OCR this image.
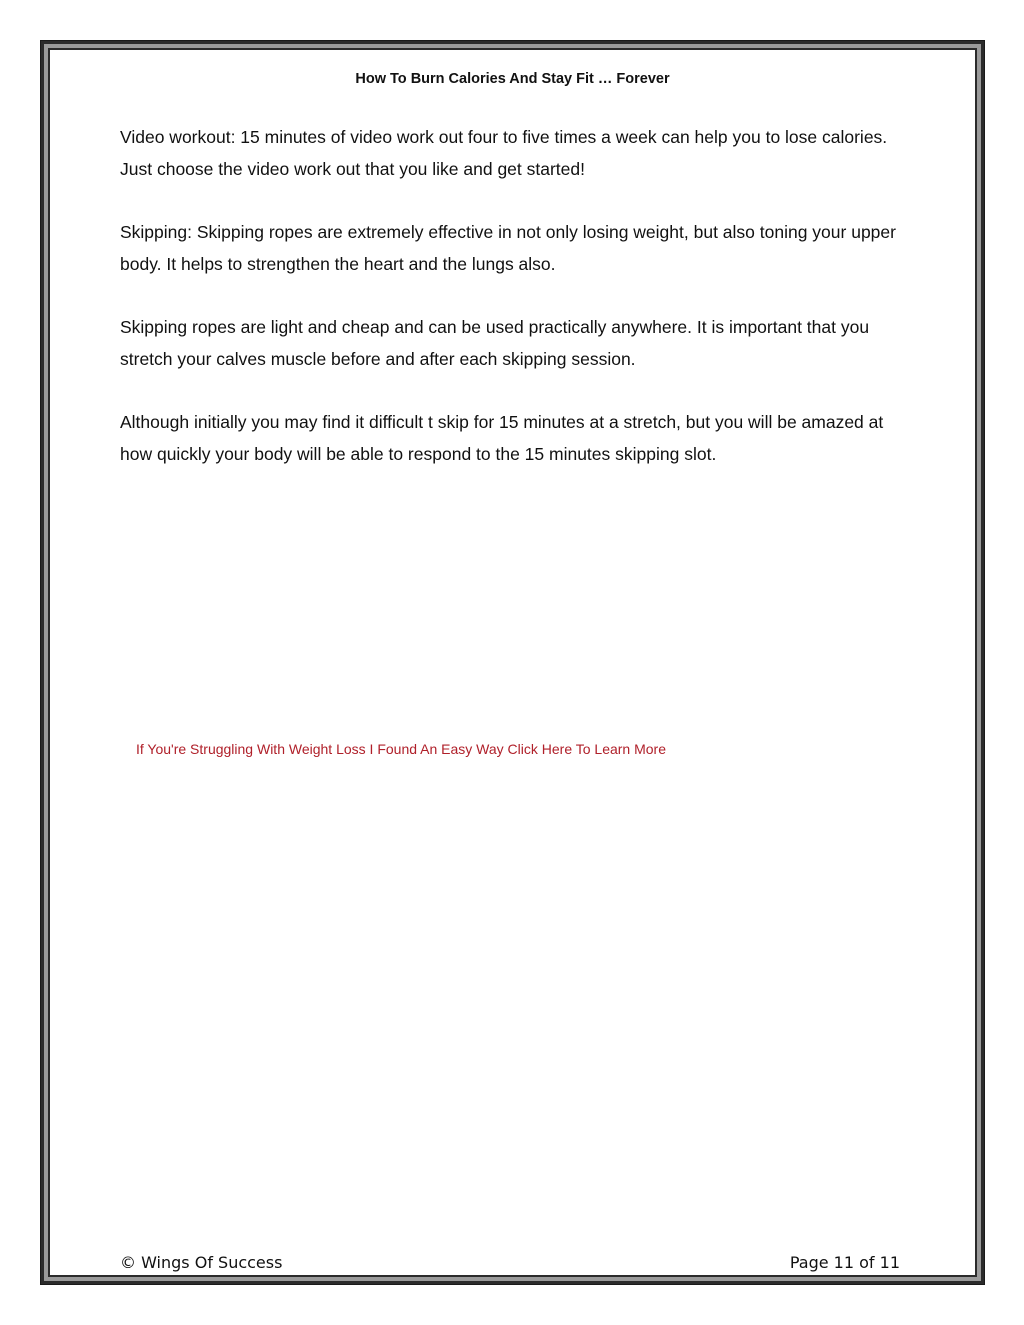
How To Burn Calories And Stay Fit … Forever

Video workout: 15 minutes of video work out four to five times a week can help you to lose calories. Just choose the video work out that you like and get started!

Skipping: Skipping ropes are extremely effective in not only losing weight, but also toning your upper body. It helps to strengthen the heart and the lungs also.

Skipping ropes are light and cheap and can be used practically anywhere. It is important that you stretch your calves muscle before and after each skipping session.

Although initially you may find it difficult t skip for 15 minutes at a stretch, but you will be amazed at how quickly your body will be able to respond to the 15 minutes skipping slot.

If You're Struggling With Weight Loss I Found An Easy Way Click Here To Learn More
© Wings Of Success	Page 11 of 11
